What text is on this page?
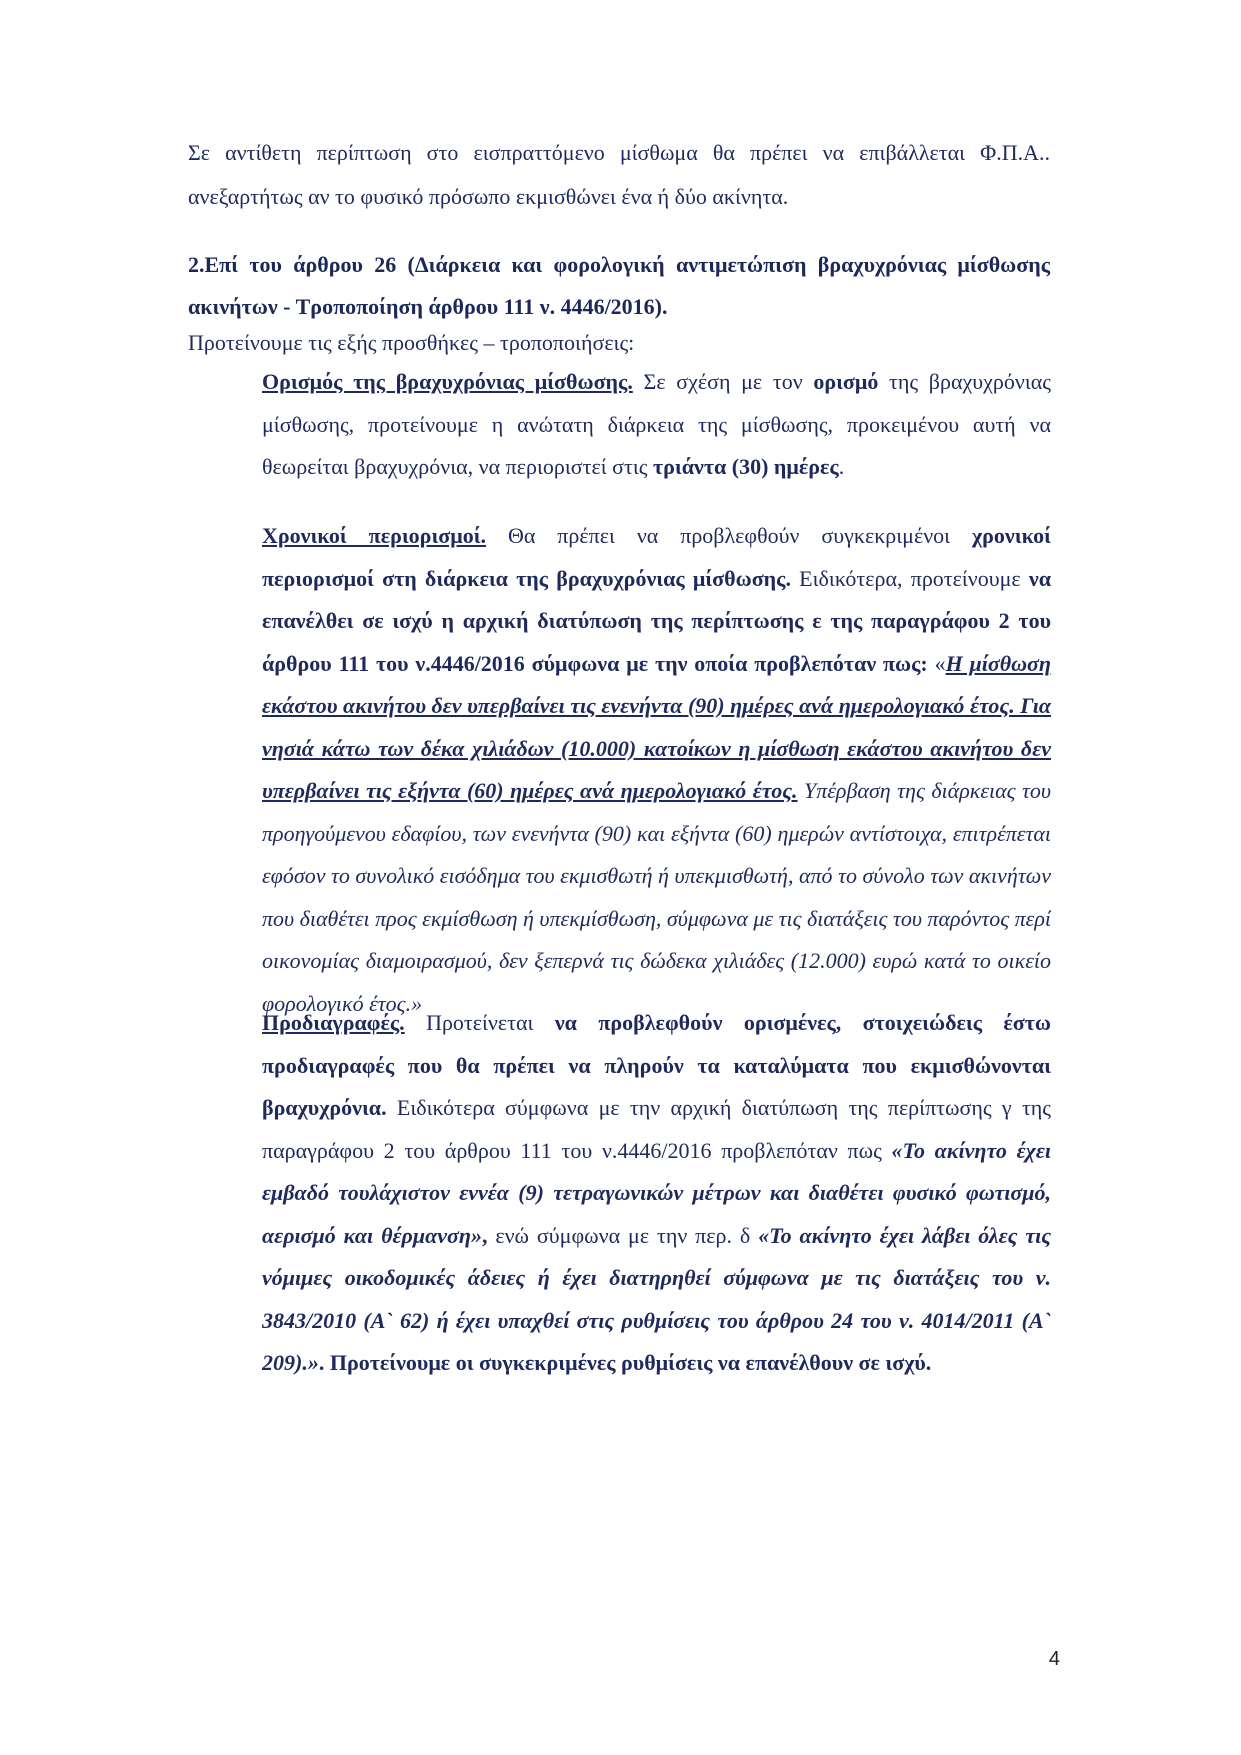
Σε αντίθετη περίπτωση στο εισπραττόμενο μίσθωμα θα πρέπει να επιβάλλεται Φ.Π.Α.. ανεξαρτήτως αν το φυσικό πρόσωπο εκμισθώνει ένα ή δύο ακίνητα.

2.Επί του άρθρου 26 (Διάρκεια και φορολογική αντιμετώπιση βραχυχρόνιας μίσθωσης ακινήτων - Τροποποίηση άρθρου 111 ν. 4446/2016).

Προτείνουμε τις εξής προσθήκες – τροποποιήσεις:

Ορισμός της βραχυχρόνιας μίσθωσης. Σε σχέση με τον ορισμό της βραχυχρόνιας μίσθωσης, προτείνουμε η ανώτατη διάρκεια της μίσθωσης, προκειμένου αυτή να θεωρείται βραχυχρόνια, να περιοριστεί στις τριάντα (30) ημέρες.

Χρονικοί περιορισμοί. Θα πρέπει να προβλεφθούν συγκεκριμένοι χρονικοί περιορισμοί στη διάρκεια της βραχυχρόνιας μίσθωσης. Ειδικότερα, προτείνουμε να επανέλθει σε ισχύ η αρχική διατύπωση της περίπτωσης ε της παραγράφου 2 του άρθρου 111 του ν.4446/2016 σύμφωνα με την οποία προβλεπόταν πως: «Η μίσθωση εκάστου ακινήτου δεν υπερβαίνει τις ενενήντα (90) ημέρες ανά ημερολογιακό έτος. Για νησιά κάτω των δέκα χιλιάδων (10.000) κατοίκων η μίσθωση εκάστου ακινήτου δεν υπερβαίνει τις εξήντα (60) ημέρες ανά ημερολογιακό έτος. Υπέρβαση της διάρκειας του προηγούμενου εδαφίου, των ενενήντα (90) και εξήντα (60) ημερών αντίστοιχα, επιτρέπεται εφόσον το συνολικό εισόδημα του εκμισθωτή ή υπεκμισθωτή, από το σύνολο των ακινήτων που διαθέτει προς εκμίσθωση ή υπεκμίσθωση, σύμφωνα με τις διατάξεις του παρόντος περί οικονομίας διαμοιρασμού, δεν ξεπερνά τις δώδεκα χιλιάδες (12.000) ευρώ κατά το οικείο φορολογικό έτος.»

Προδιαγραφές. Προτείνεται να προβλεφθούν ορισμένες, στοιχειώδεις έστω προδιαγραφές που θα πρέπει να πληρούν τα καταλύματα που εκμισθώνονται βραχυχρόνια. Ειδικότερα σύμφωνα με την αρχική διατύπωση της περίπτωσης γ της παραγράφου 2 του άρθρου 111 του ν.4446/2016 προβλεπόταν πως «Το ακίνητο έχει εμβαδό τουλάχιστον εννέα (9) τετραγωνικών μέτρων και διαθέτει φυσικό φωτισμό, αερισμό και θέρμανση», ενώ σύμφωνα με την περ. δ «Το ακίνητο έχει λάβει όλες τις νόμιμες οικοδομικές άδειες ή έχει διατηρηθεί σύμφωνα με τις διατάξεις του ν. 3843/2010 (Α` 62) ή έχει υπαχθεί στις ρυθμίσεις του άρθρου 24 του ν. 4014/2011 (Α` 209).». Προτείνουμε οι συγκεκριμένες ρυθμίσεις να επανέλθουν σε ισχύ.

4
